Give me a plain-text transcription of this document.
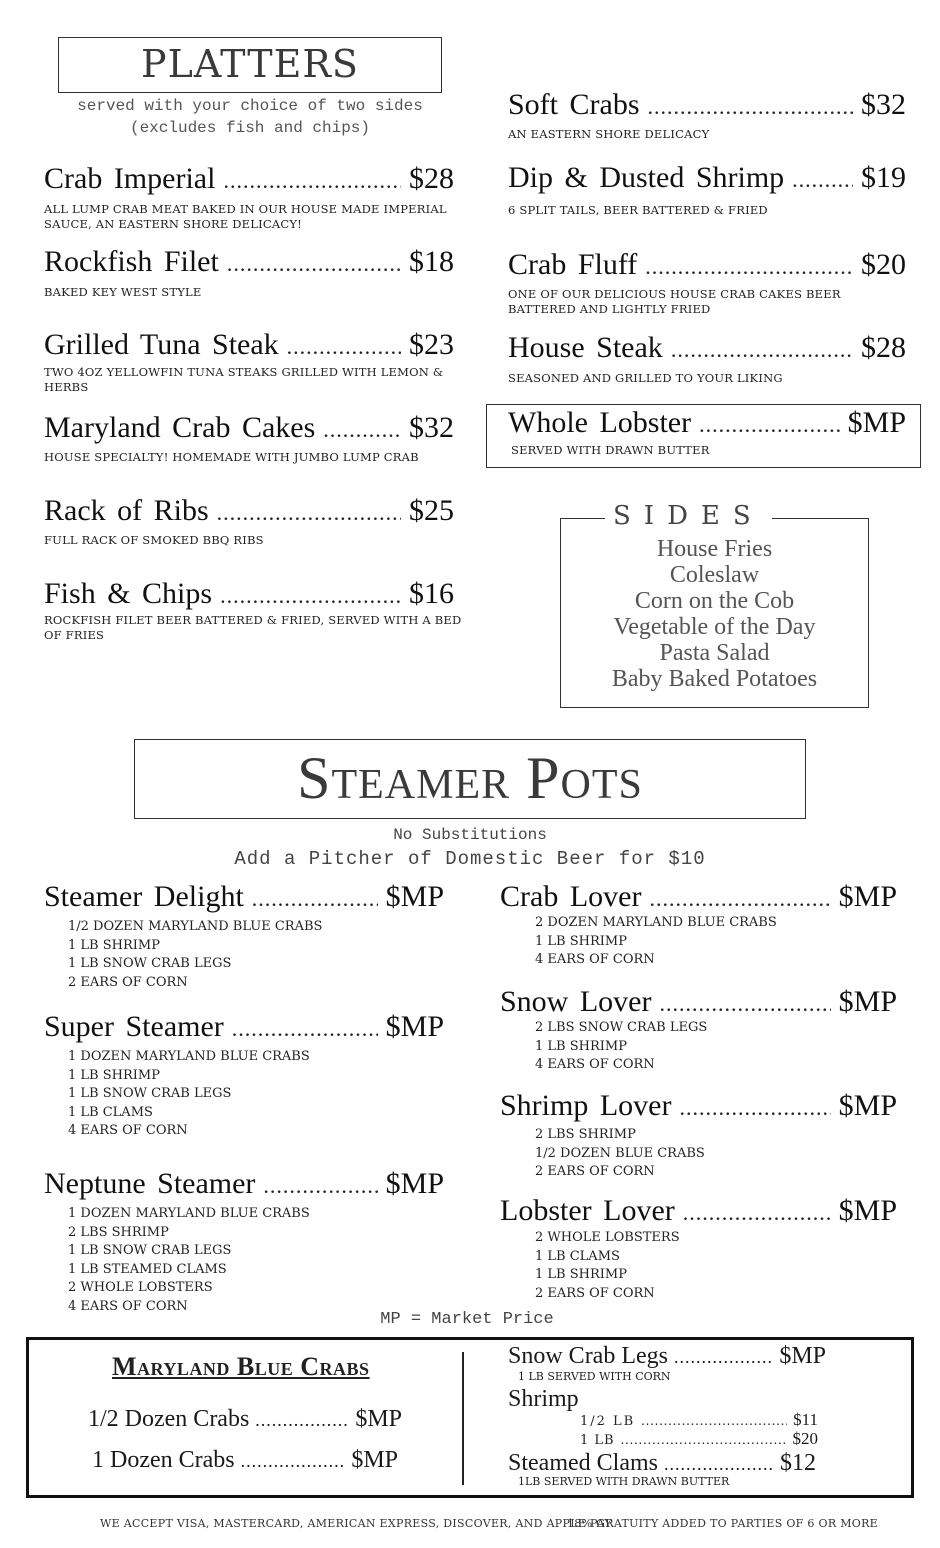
PLATTERS
served with your choice of two sides
(excludes fish and chips)
Crab Imperial .....	$28
ALL LUMP CRAB MEAT BAKED IN OUR HOUSE MADE IMPERIAL SAUCE, AN EASTERN SHORE DELICACY!
Rockfish Filet .....	$18
BAKED KEY WEST STYLE
Grilled Tuna Steak .....	$23
TWO 4OZ YELLOWFIN TUNA STEAKS GRILLED WITH LEMON & HERBS
Maryland Crab Cakes .....	$32
HOUSE SPECIALTY! HOMEMADE WITH JUMBO LUMP CRAB
Rack of Ribs .....	$25
FULL RACK OF SMOKED BBQ RIBS
Fish & Chips .....	$16
ROCKFISH FILET BEER BATTERED & FRIED, SERVED WITH A BED OF FRIES
Soft Crabs .....	$32
AN EASTERN SHORE DELICACY
Dip & Dusted Shrimp .....	$19
6 SPLIT TAILS, BEER BATTERED & FRIED
Crab Fluff .....	$20
ONE OF OUR DELICIOUS HOUSE CRAB CAKES BEER BATTERED AND LIGHTLY FRIED
House Steak .....	$28
SEASONED AND GRILLED TO YOUR LIKING
Whole Lobster .....	$MP
SERVED WITH DRAWN BUTTER
SIDES
House Fries
Coleslaw
Corn on the Cob
Vegetable of the Day
Pasta Salad
Baby Baked Potatoes
Steamer Pots
No Substitutions
Add a Pitcher of Domestic Beer for $10
Steamer Delight .....	$MP
1/2 DOZEN MARYLAND BLUE CRABS
1 LB SHRIMP
1 LB SNOW CRAB LEGS
2 EARS OF CORN
Super Steamer .....	$MP
1 DOZEN MARYLAND BLUE CRABS
1 LB SHRIMP
1 LB SNOW CRAB LEGS
1 LB CLAMS
4 EARS OF CORN
Neptune Steamer .....	$MP
1 DOZEN MARYLAND BLUE CRABS
2 LBS SHRIMP
1 LB SNOW CRAB LEGS
1 LB STEAMED CLAMS
2 WHOLE LOBSTERS
4 EARS OF CORN
Crab Lover .....	$MP
2 DOZEN MARYLAND BLUE CRABS
1 LB SHRIMP
4 EARS OF CORN
Snow Lover .....	$MP
2 LBS SNOW CRAB LEGS
1 LB SHRIMP
4 EARS OF CORN
Shrimp Lover .....	$MP
2 LBS SHRIMP
1/2 DOZEN BLUE CRABS
2 EARS OF CORN
Lobster Lover .....	$MP
2 WHOLE LOBSTERS
1 LB CLAMS
1 LB SHRIMP
2 EARS OF CORN
MP = Market Price
Maryland Blue Crabs
1/2 Dozen Crabs .....	$MP
1 Dozen Crabs .....	$MP
Snow Crab Legs .....	$MP
1 LB SERVED WITH CORN
Shrimp
1/2 LB .....	$11
1 LB .....	$20
Steamed Clams .....	$12
1LB SERVED WITH DRAWN BUTTER
WE ACCEPT VISA, MASTERCARD, AMERICAN EXPRESS, DISCOVER, AND APPLE PAY.
18% GRATUITY ADDED TO PARTIES OF 6 OR MORE
